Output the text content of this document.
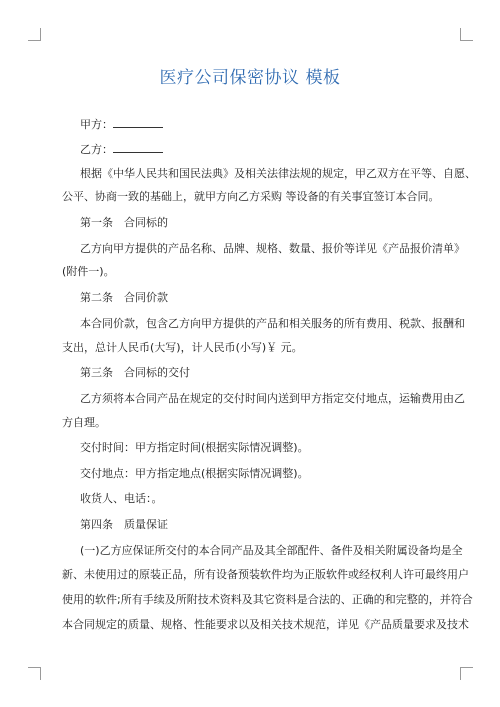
医疗公司保密协议 模板
甲方：
乙方：
根据《中华人民共和国民法典》及相关法律法规的规定，甲乙双方在平等、自愿、
公平、协商一致的基础上，就甲方向乙方采购 等设备的有关事宜签订本合同。
第一条　合同标的
乙方向甲方提供的产品名称、品牌、规格、数量、报价等详见《产品报价清单》
(附件一)。
第二条　合同价款
本合同价款，包含乙方向甲方提供的产品和相关服务的所有费用、税款、报酬和
支出，总计人民币(大写)，计人民币(小写)￥ 元。
第三条　合同标的交付
乙方须将本合同产品在规定的交付时间内送到甲方指定交付地点，运输费用由乙
方自理。
交付时间：甲方指定时间(根据实际情况调整)。
交付地点：甲方指定地点(根据实际情况调整)。
收货人、电话：。
第四条　质量保证
(一)乙方应保证所交付的本合同产品及其全部配件、备件及相关附属设备均是全
新、未使用过的原装正品，所有设备预装软件均为正版软件或经权利人许可最终用户
使用的软件;所有手续及所附技术资料及其它资料是合法的、正确的和完整的，并符合
本合同规定的质量、规格、性能要求以及相关技术规范，详见《产品质量要求及技术
